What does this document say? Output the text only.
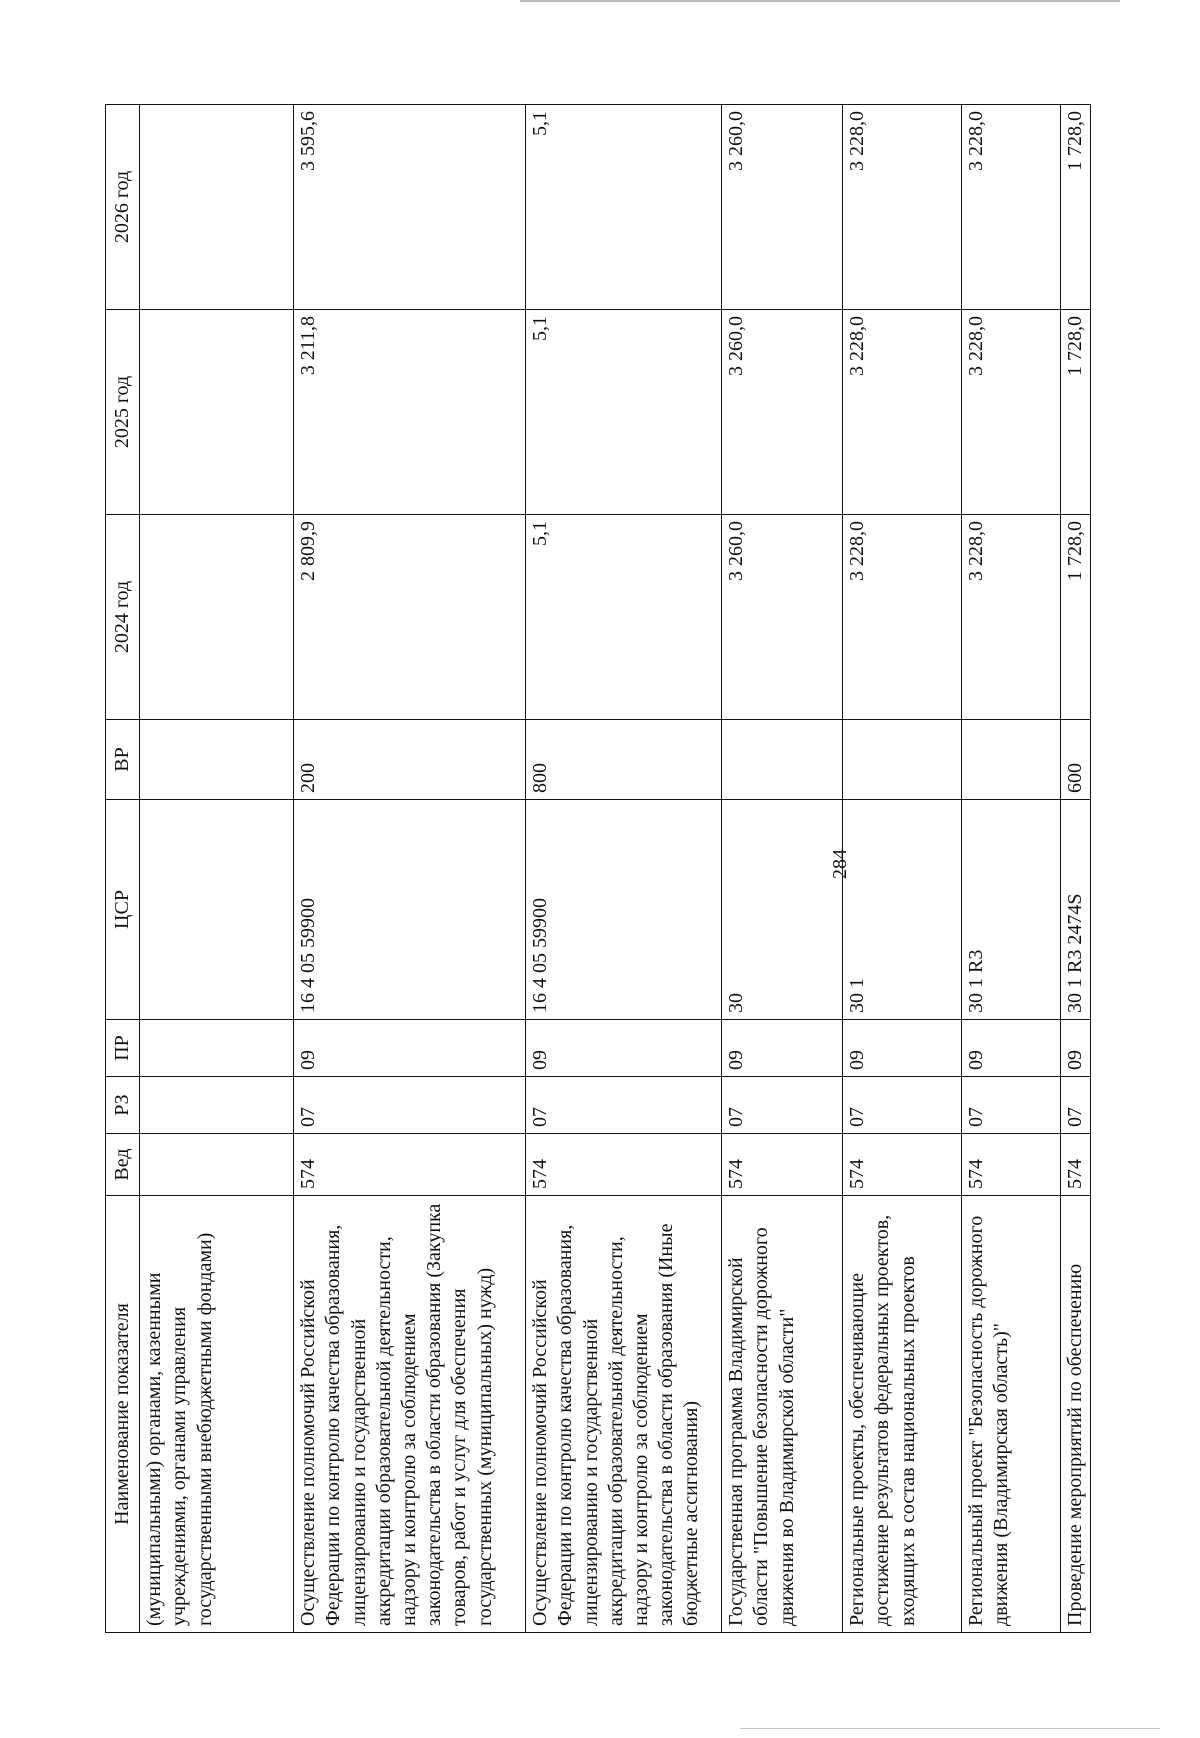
284
Наименование показателя	Вед	РЗ	ПР	ЦСР	ВР	2024 год	2025 год	2026 год
(муниципальными) органами, казенными учреждениями, органами управления государственными внебюджетными фондами)								
Осуществление полномочий Российской Федерации по контролю качества образования, лицензированию и государственной аккредитации образовательной деятельности, надзору и контролю за соблюдением законодательства в области образования (Закупка товаров, работ и услуг для обеспечения государственных (муниципальных) нужд)	574	07	09	16 4 05 59900	200	2 809,9	3 211,8	3 595,6
Осуществление полномочий Российской Федерации по контролю качества образования, лицензированию и государственной аккредитации образовательной деятельности, надзору и контролю за соблюдением законодательства в области образования (Иные бюджетные ассигнования)	574	07	09	16 4 05 59900	800	5,1	5,1	5,1
Государственная программа Владимирской области "Повышение безопасности дорожного движения во Владимирской области"	574	07	09	30		3 260,0	3 260,0	3 260,0
Региональные проекты, обеспечивающие достижение результатов федеральных проектов, входящих в состав национальных проектов	574	07	09	30 1		3 228,0	3 228,0	3 228,0
Региональный проект "Безопасность дорожного движения (Владимирская область)"	574	07	09	30 1 R3		3 228,0	3 228,0	3 228,0
Проведение мероприятий по обеспечению	574	07	09	30 1 R3 2474S	600	1 728,0	1 728,0	1 728,0
